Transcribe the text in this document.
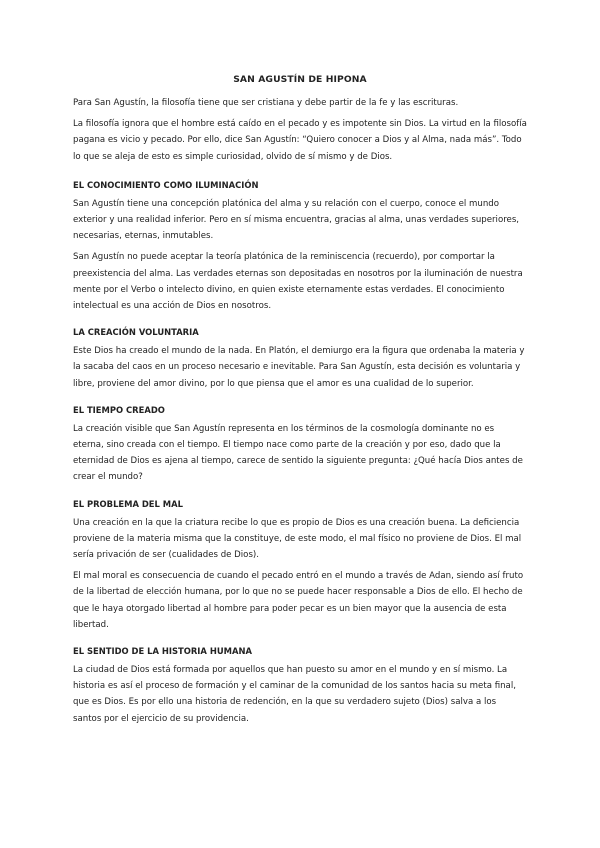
SAN AGUSTÍN DE HIPONA

Para San Agustín, la filosofía tiene que ser cristiana y debe partir de la fe y las escrituras.

La filosofía ignora que el hombre está caído en el pecado y es impotente sin Dios. La virtud en la filosofía pagana es vicio y pecado. Por ello, dice San Agustín: “Quiero conocer a Dios y al Alma, nada más”. Todo lo que se aleja de esto es simple curiosidad, olvido de sí mismo y de Dios.

EL CONOCIMIENTO COMO ILUMINACIÓN

San Agustín tiene una concepción platónica del alma y su relación con el cuerpo, conoce el mundo exterior y una realidad inferior. Pero en sí misma encuentra, gracias al alma, unas verdades superiores, necesarias, eternas, inmutables.

San Agustín no puede aceptar la teoría platónica de la reminiscencia (recuerdo), por comportar la preexistencia del alma. Las verdades eternas son depositadas en nosotros por la iluminación de nuestra mente por el Verbo o intelecto divino, en quien existe eternamente estas verdades. El conocimiento intelectual es una acción de Dios en nosotros.

LA CREACIÓN VOLUNTARIA

Este Dios ha creado el mundo de la nada. En Platón, el demiurgo era la figura que ordenaba la materia y la sacaba del caos en un proceso necesario e inevitable. Para San Agustín, esta decisión es voluntaria y libre, proviene del amor divino, por lo que piensa que el amor es una cualidad de lo superior.

EL TIEMPO CREADO

La creación visible que San Agustín representa en los términos de la cosmología dominante no es eterna, sino creada con el tiempo. El tiempo nace como parte de la creación y por eso, dado que la eternidad de Dios es ajena al tiempo, carece de sentido la siguiente pregunta: ¿Qué hacía Dios antes de crear el mundo?

EL PROBLEMA DEL MAL

Una creación en la que la criatura recibe lo que es propio de Dios es una creación buena. La deficiencia proviene de la materia misma que la constituye, de este modo, el mal físico no proviene de Dios. El mal sería privación de ser (cualidades de Dios).

El mal moral es consecuencia de cuando el pecado entró en el mundo a través de Adan, siendo así fruto de la libertad de elección humana, por lo que no se puede hacer responsable a Dios de ello. El hecho de que le haya otorgado libertad al hombre para poder pecar es un bien mayor que la ausencia de esta libertad.

EL SENTIDO DE LA HISTORIA HUMANA

La ciudad de Dios está formada por aquellos que han puesto su amor en el mundo y en sí mismo. La historia es así el proceso de formación y el caminar de la comunidad de los santos hacia su meta final, que es Dios. Es por ello una historia de redención, en la que su verdadero sujeto (Dios) salva a los santos por el ejercicio de su providencia.
